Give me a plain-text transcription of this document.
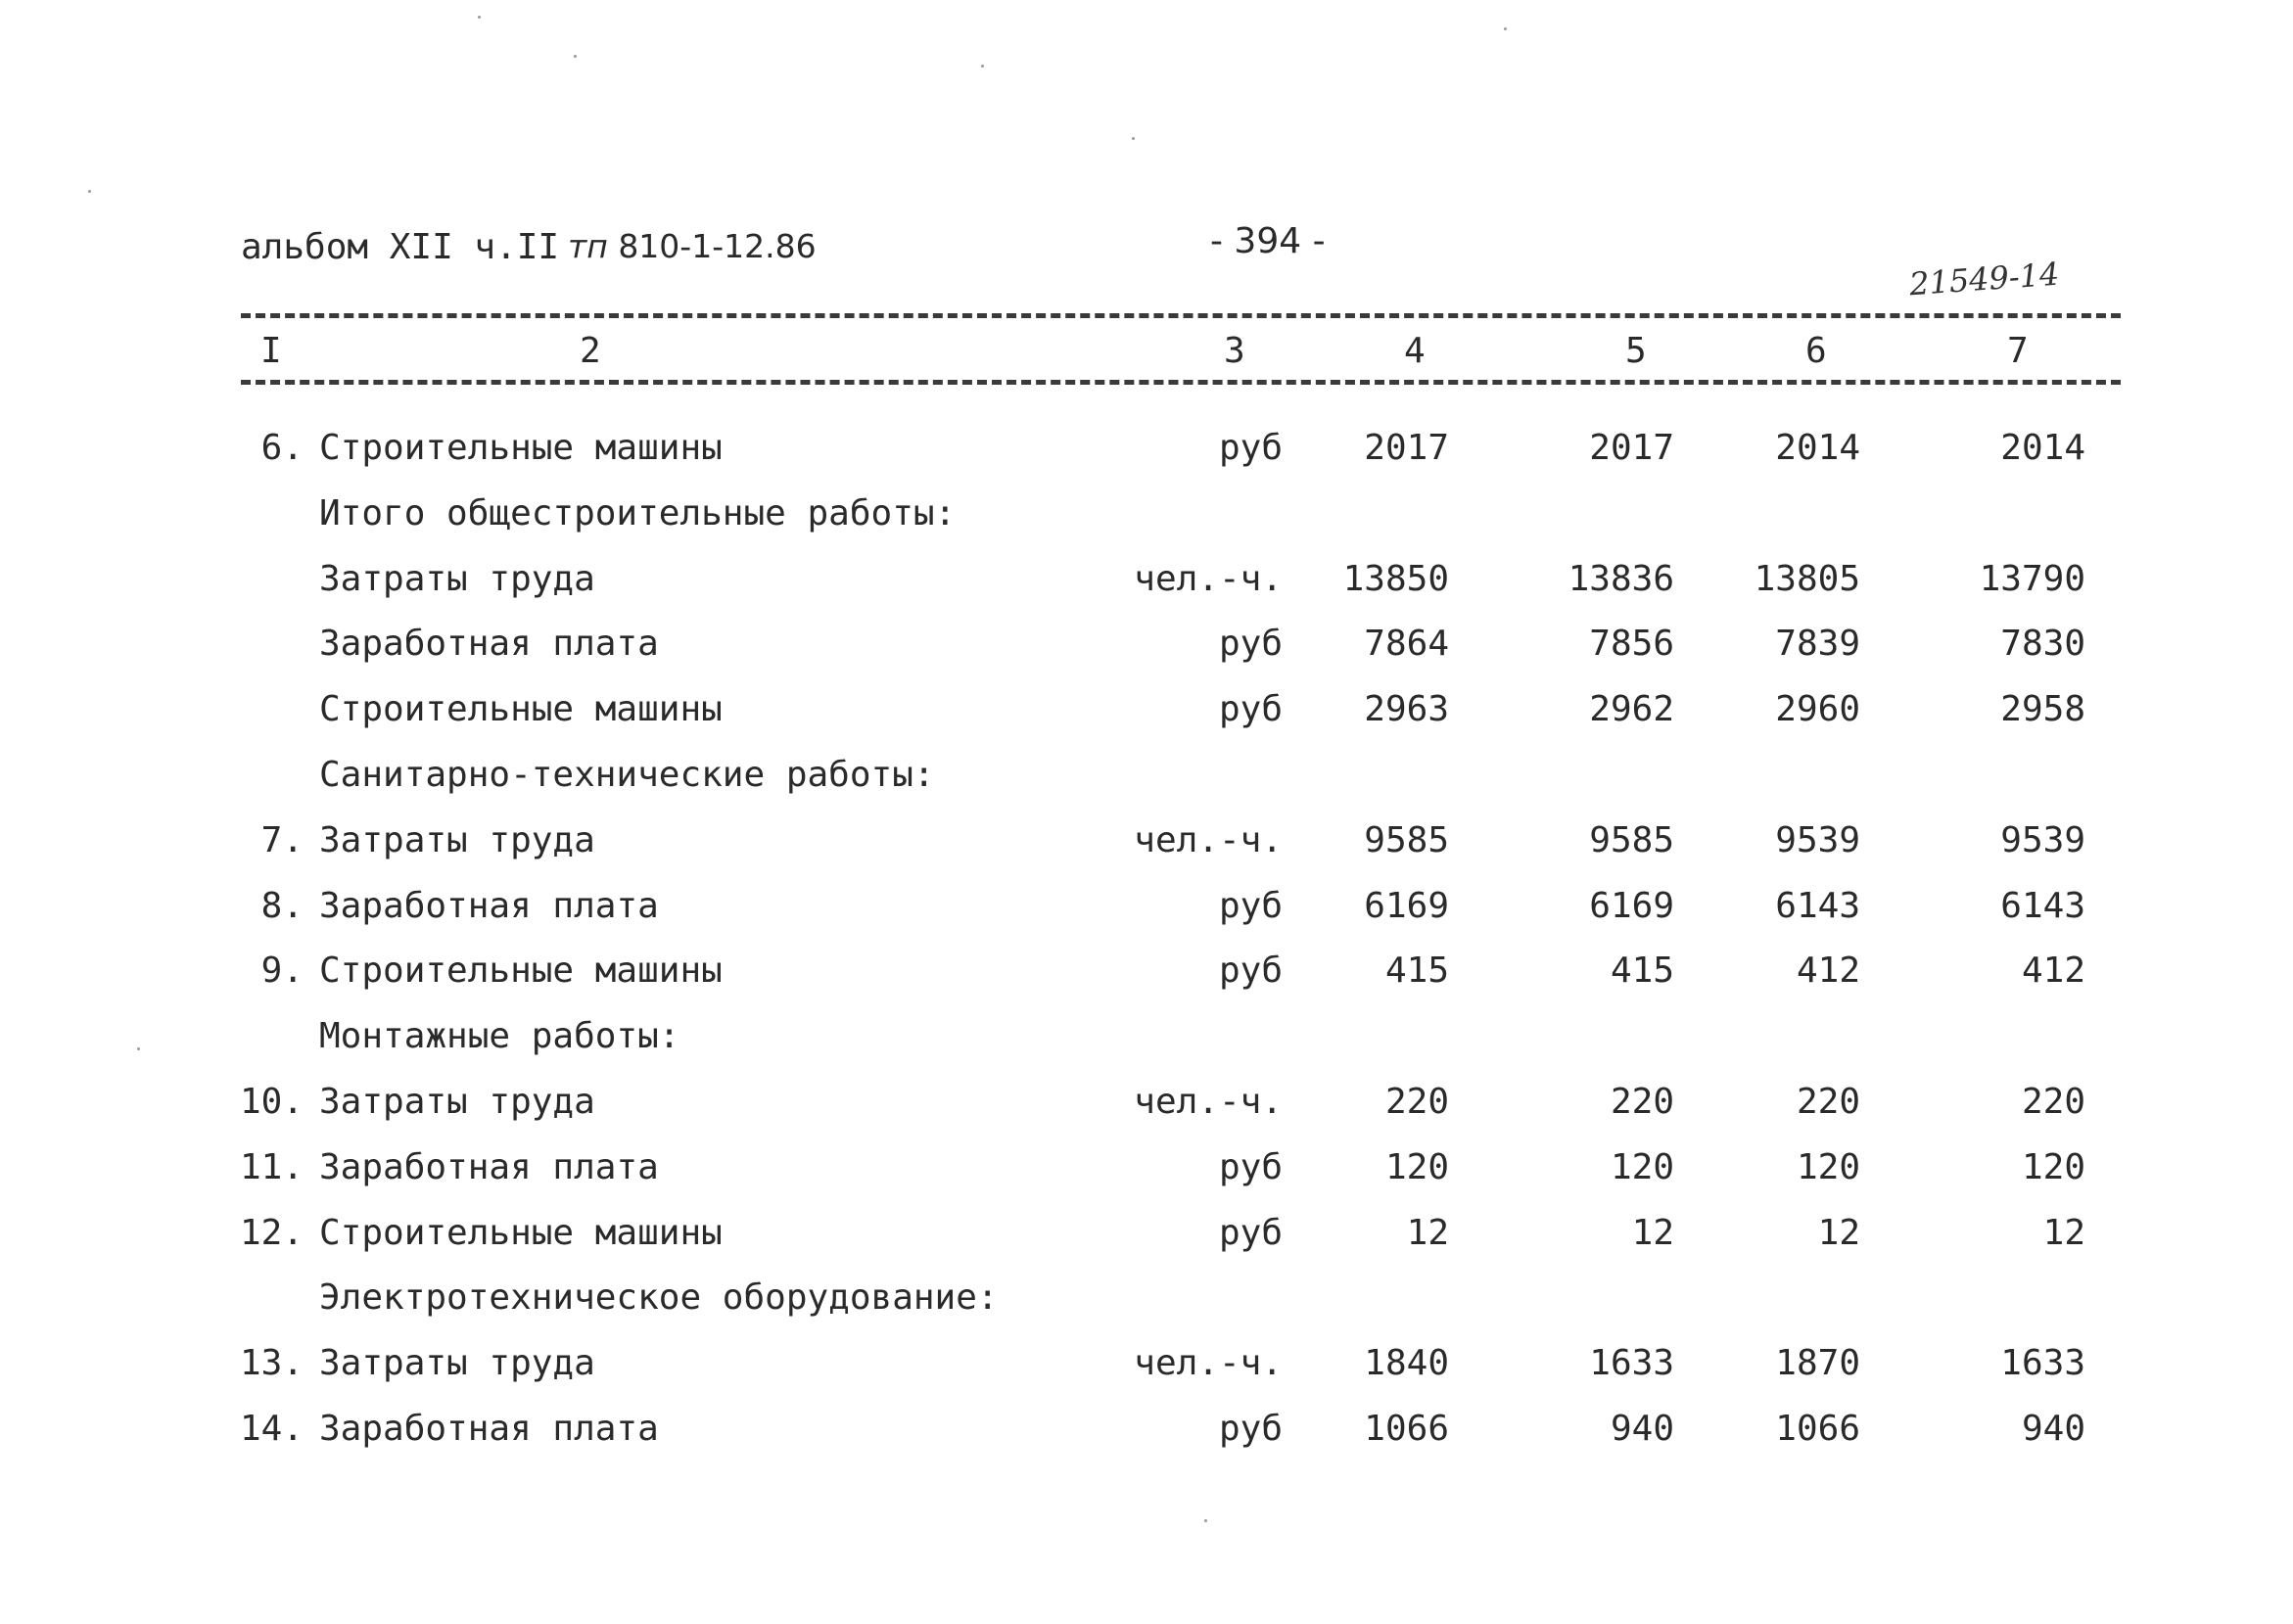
альбом XII ч.II тп 810-1-12.86	- 394 -
21549-14
I	2	3	4	5	6	7
6. Строительные машины	руб	2017	2017	2014	2014
Итого общестроительные работы:
Затраты труда	чел.-ч.	13850	13836	13805	13790
Заработная плата	руб	7864	7856	7839	7830
Строительные машины	руб	2963	2962	2960	2958
Санитарно-технические работы:
7. Затраты труда	чел.-ч.	9585	9585	9539	9539
8. Заработная плата	руб	6169	6169	6143	6143
9. Строительные машины	руб	415	415	412	412
Монтажные работы:
10. Затраты труда	чел.-ч.	220	220	220	220
11. Заработная плата	руб	120	120	120	120
12. Строительные машины	руб	12	12	12	12
Электротехническое оборудование:
13. Затраты труда	чел.-ч.	1840	1633	1870	1633
14. Заработная плата	руб	1066	940	1066	940
